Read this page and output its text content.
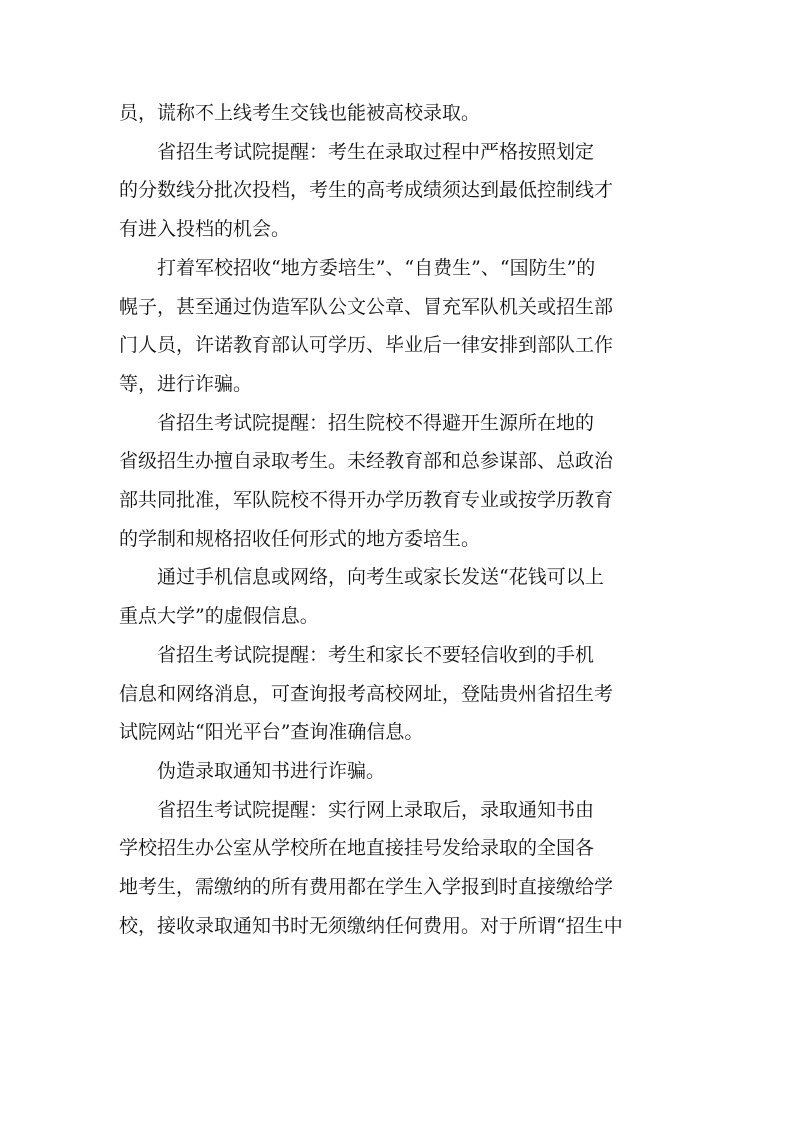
员，谎称不上线考生交钱也能被高校录取。
省招生考试院提醒：考生在录取过程中严格按照划定
的分数线分批次投档，考生的高考成绩须达到最低控制线才
有进入投档的机会。
打着军校招收“地方委培生”、“自费生”、“国防生”的
幌子，甚至通过伪造军队公文公章、冒充军队机关或招生部
门人员，许诺教育部认可学历、毕业后一律安排到部队工作
等，进行诈骗。
省招生考试院提醒：招生院校不得避开生源所在地的
省级招生办擅自录取考生。未经教育部和总参谋部、总政治
部共同批准，军队院校不得开办学历教育专业或按学历教育
的学制和规格招收任何形式的地方委培生。
通过手机信息或网络，向考生或家长发送“花钱可以上
重点大学”的虚假信息。
省招生考试院提醒：考生和家长不要轻信收到的手机
信息和网络消息，可查询报考高校网址，登陆贵州省招生考
试院网站“阳光平台”查询准确信息。
伪造录取通知书进行诈骗。
省招生考试院提醒：实行网上录取后，录取通知书由
学校招生办公室从学校所在地直接挂号发给录取的全国各
地考生，需缴纳的所有费用都在学生入学报到时直接缴给学
校，接收录取通知书时无须缴纳任何费用。对于所谓“招生中
